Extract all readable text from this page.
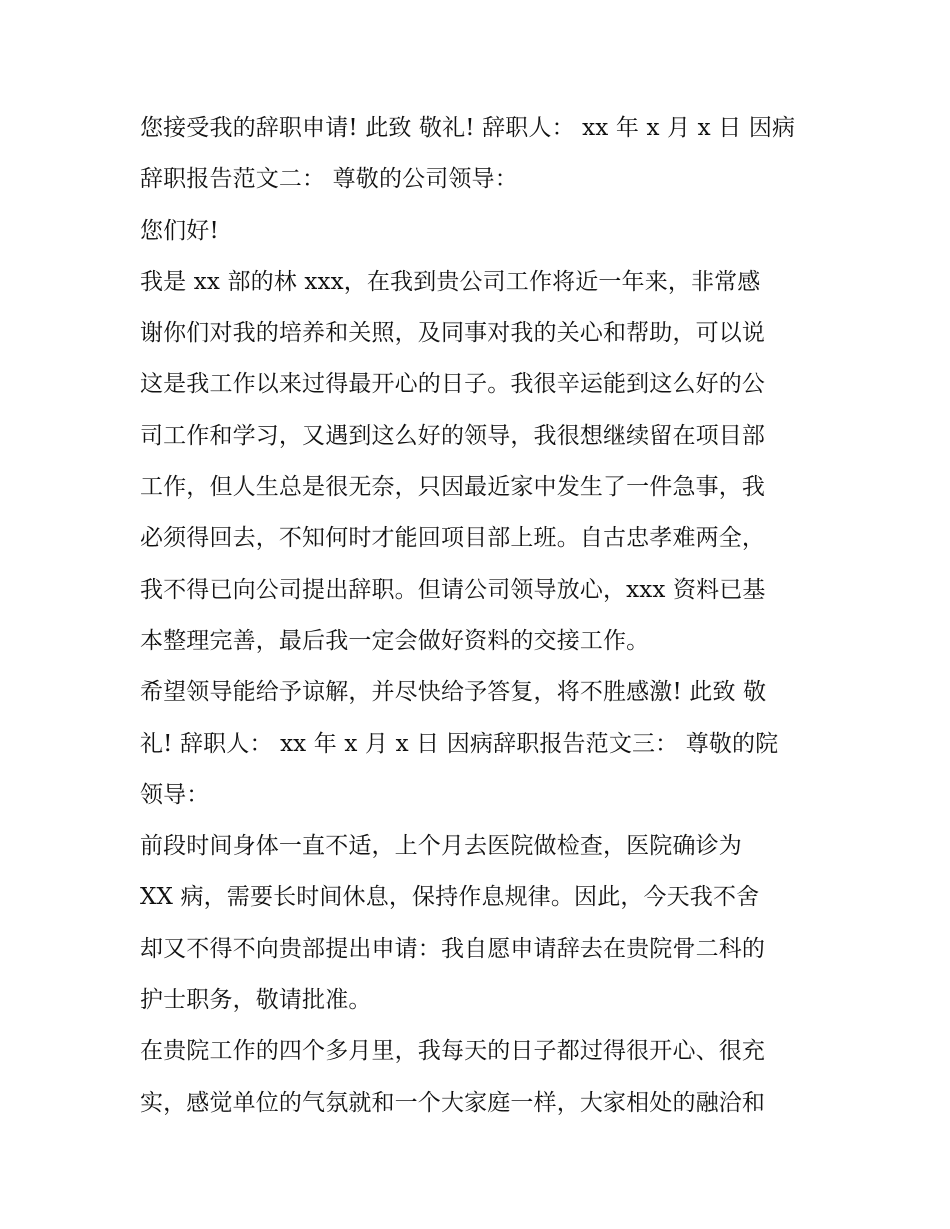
您接受我的辞职申请! 此致 敬礼! 辞职人： xx 年 x 月 x 日 因病
辞职报告范文二： 尊敬的公司领导：
您们好!
我是 xx 部的林 xxx，在我到贵公司工作将近一年来，非常感
谢你们对我的培养和关照，及同事对我的关心和帮助，可以说
这是我工作以来过得最开心的日子。我很辛运能到这么好的公
司工作和学习，又遇到这么好的领导，我很想继续留在项目部
工作，但人生总是很无奈，只因最近家中发生了一件急事，我
必须得回去，不知何时才能回项目部上班。自古忠孝难两全，
我不得已向公司提出辞职。但请公司领导放心，xxx 资料已基
本整理完善，最后我一定会做好资料的交接工作。
希望领导能给予谅解，并尽快给予答复，将不胜感激! 此致 敬
礼! 辞职人： xx 年 x 月 x 日 因病辞职报告范文三： 尊敬的院
领导：
前段时间身体一直不适，上个月去医院做检查，医院确诊为
XX 病，需要长时间休息，保持作息规律。因此，今天我不舍
却又不得不向贵部提出申请：我自愿申请辞去在贵院骨二科的
护士职务，敬请批准。
在贵院工作的四个多月里，我每天的日子都过得很开心、很充
实，感觉单位的气氛就和一个大家庭一样，大家相处的融洽和
